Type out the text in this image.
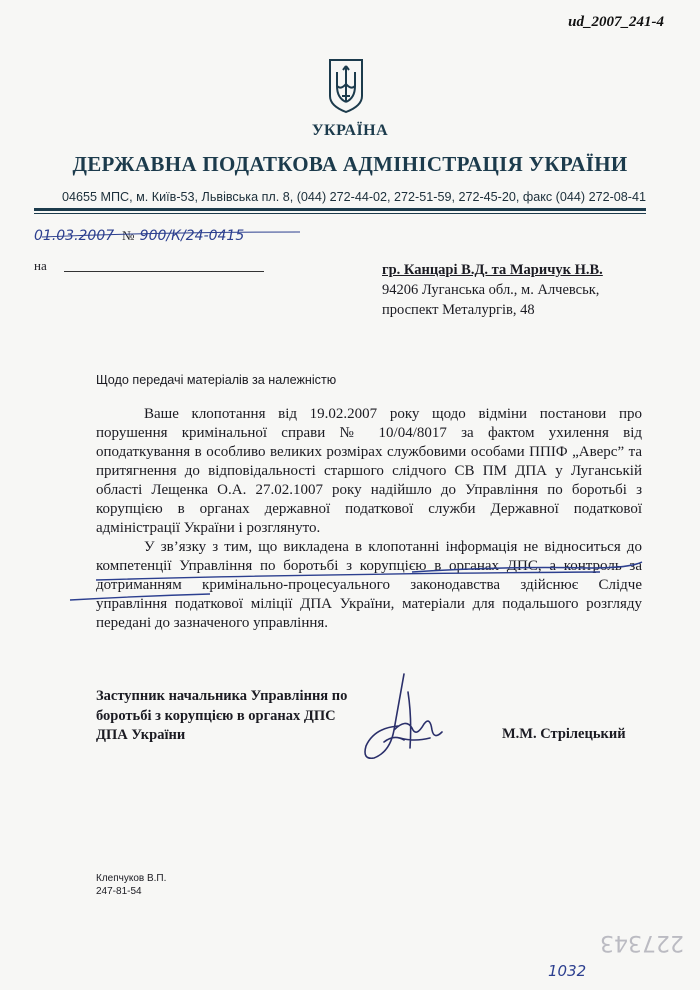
ud_2007_241-4
УКРАЇНА
ДЕРЖАВНА ПОДАТКОВА АДМІНІСТРАЦІЯ УКРАЇНИ
04655 МПС, м. Київ-53, Львівська пл. 8, (044) 272-44-02, 272-51-59, 272-45-20, факс (044) 272-08-41
01.03.2007 № 900/К/24-0415
на	гр. Канцарі В.Д. та Маричук Н.В.
94206 Луганська обл., м. Алчевськ,
проспект Металургів, 48
Щодо передачі матеріалів за належністю

Ваше клопотання від 19.02.2007 року щодо відміни постанови про порушення кримінальної справи № 10/04/8017 за фактом ухилення від оподаткування в особливо великих розмірах службовими особами ППІФ „Аверс” та притягнення до відповідальності старшого слідчого СВ ПМ ДПА у Луганській області Лещенка О.А. 27.02.1007 року надійшло до Управління по боротьбі з корупцією в органах державної податкової служби Державної податкової адміністрації України і розглянуто.

У зв’язку з тим, що викладена в клопотанні інформація не відноситься до компетенції Управління по боротьбі з корупцією в органах ДПС, а контроль за дотриманням кримінально-процесуального законодавства здійснює Слідче управління податкової міліції ДПА України, матеріали для подальшого розгляду передані до зазначеного управління.

Заступник начальника Управління по
боротьбі з корупцією в органах ДПС
ДПА України	М.М. Стрілецький
Клепчуков В.П.
247-81-54
227343
1032
